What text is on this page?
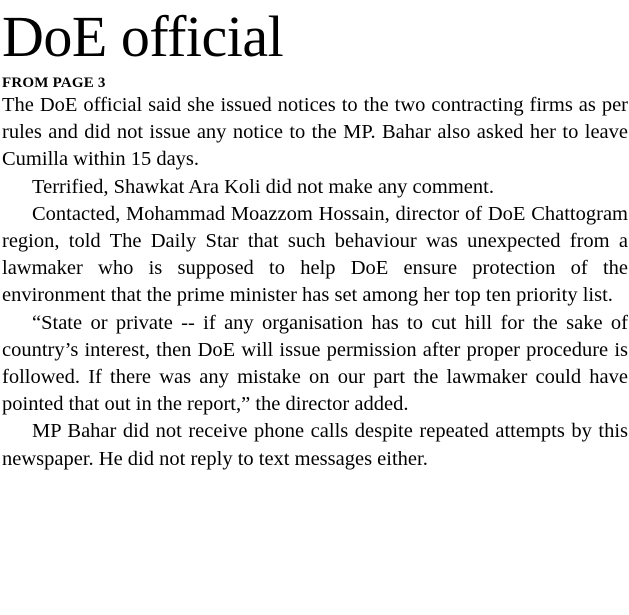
DoE official
FROM PAGE 3

The DoE official said she issued notices to the two contracting firms as per rules and did not issue any notice to the MP. Bahar also asked her to leave Cumilla within 15 days.

Terrified, Shawkat Ara Koli did not make any comment.

Contacted, Mohammad Moazzom Hossain, director of DoE Chattogram region, told The Daily Star that such behaviour was unexpected from a lawmaker who is supposed to help DoE ensure protection of the environment that the prime minister has set among her top ten priority list.

“State or private -- if any organisation has to cut hill for the sake of country’s interest, then DoE will issue permission after proper procedure is followed. If there was any mistake on our part the lawmaker could have pointed that out in the report,” the director added.

MP Bahar did not receive phone calls despite repeated attempts by this newspaper. He did not reply to text messages either.
